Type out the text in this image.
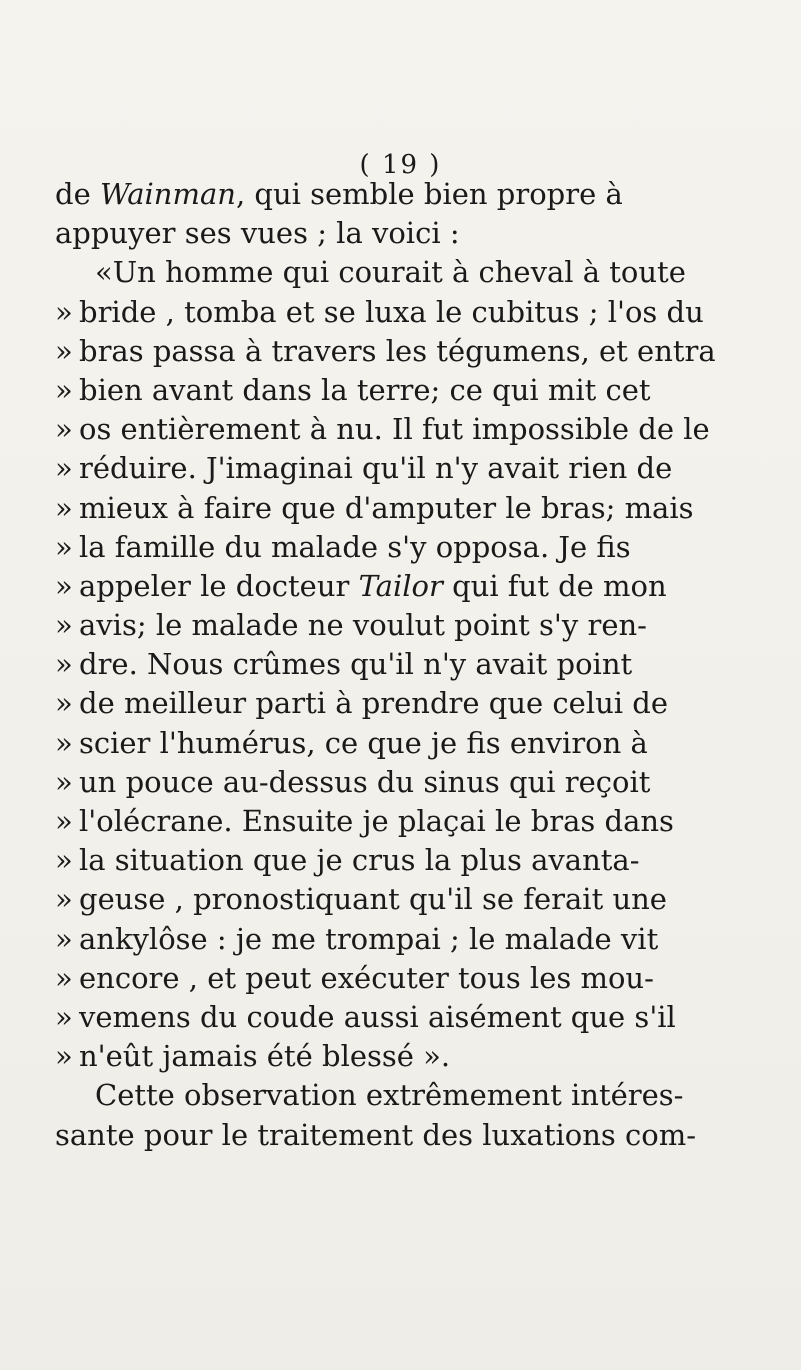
( 19 )
de Wainman, qui semble bien propre à
appuyer ses vues ; la voici :
«Un homme qui courait à cheval à toute
» bride , tomba et se luxa le cubitus ; l'os du
» bras passa à travers les tégumens, et entra
» bien avant dans la terre; ce qui mit cet
» os entièrement à nu. Il fut impossible de le
» réduire. J'imaginai qu'il n'y avait rien de
» mieux à faire que d'amputer le bras; mais
» la famille du malade s'y opposa. Je fis
» appeler le docteur Tailor qui fut de mon
» avis; le malade ne voulut point s'y ren-
» dre. Nous crûmes qu'il n'y avait point
» de meilleur parti à prendre que celui de
» scier l'humérus, ce que je fis environ à
» un pouce au-dessus du sinus qui reçoit
» l'olécrane. Ensuite je plaçai le bras dans
» la situation que je crus la plus avanta-
» geuse , pronostiquant qu'il se ferait une
» ankylôse : je me trompai ; le malade vit
» encore , et peut exécuter tous les mou-
» vemens du coude aussi aisément que s'il
» n'eût jamais été blessé ».
Cette observation extrêmement intéres-
sante pour le traitement des luxations com-
